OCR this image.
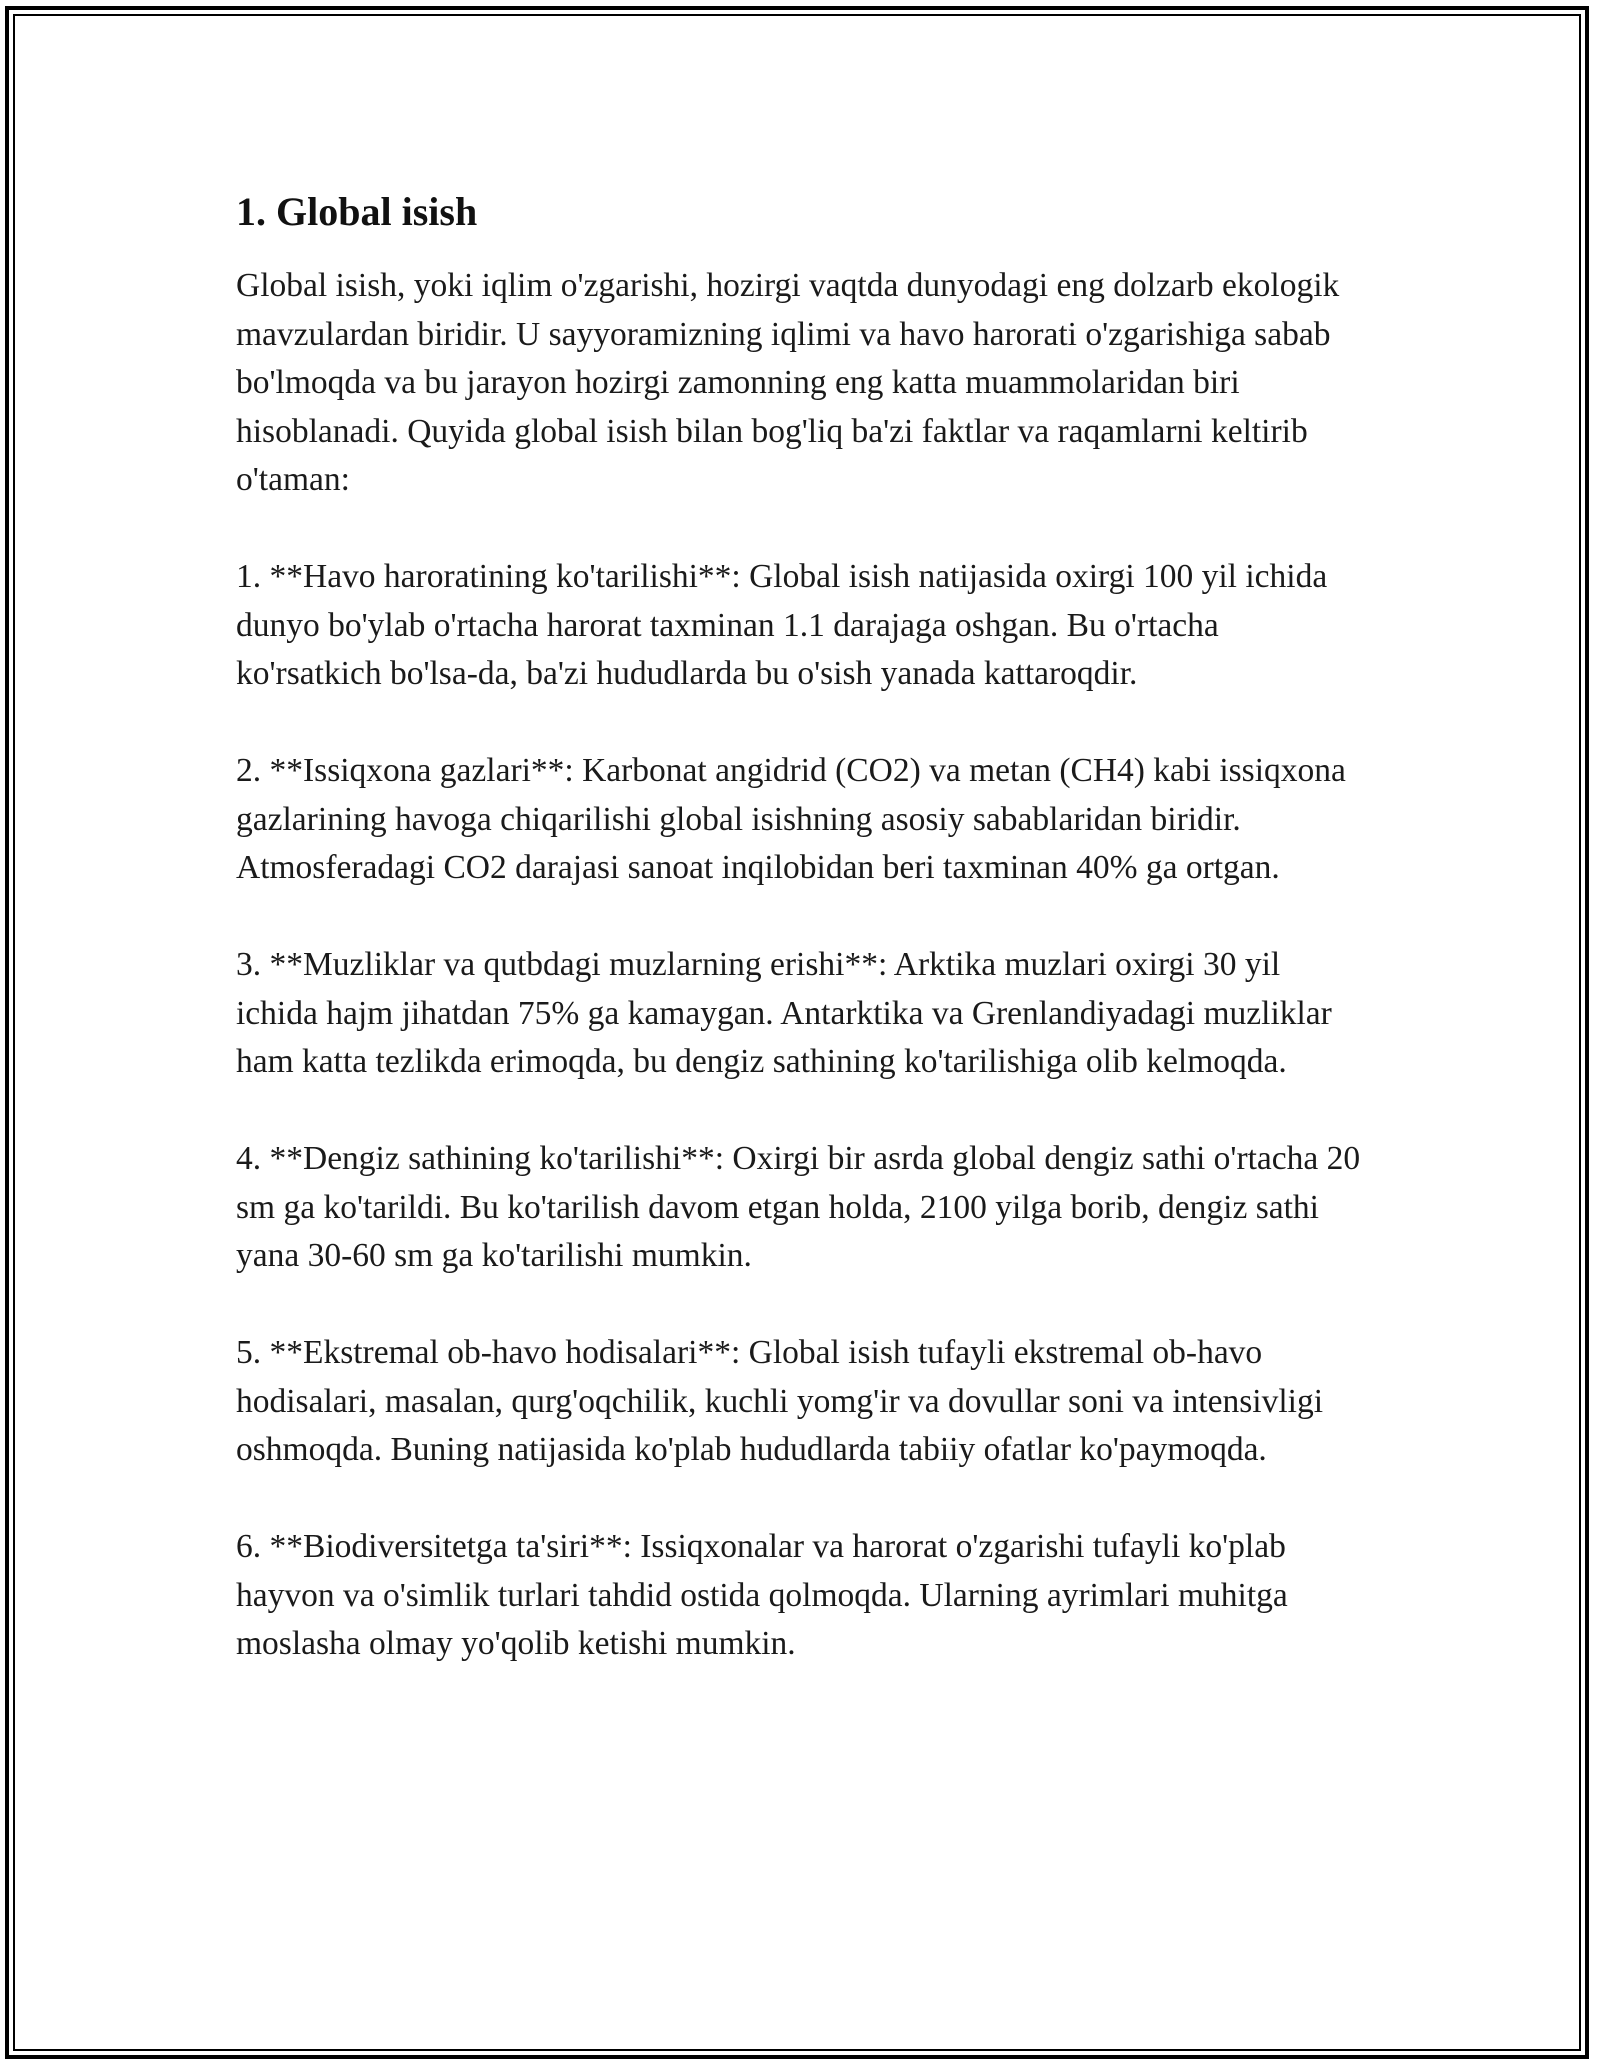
1. Global isish

Global isish, yoki iqlim o'zgarishi, hozirgi vaqtda dunyodagi eng dolzarb ekologik mavzulardan biridir. U sayyoramizning iqlimi va havo harorati o'zgarishiga sabab bo'lmoqda va bu jarayon hozirgi zamonning eng katta muammolaridan biri hisoblanadi. Quyida global isish bilan bog'liq ba'zi faktlar va raqamlarni keltirib o'taman:

1. **Havo haroratining ko'tarilishi**: Global isish natijasida oxirgi 100 yil ichida dunyo bo'ylab o'rtacha harorat taxminan 1.1 darajaga oshgan. Bu o'rtacha ko'rsatkich bo'lsa-da, ba'zi hududlarda bu o'sish yanada kattaroqdir.

2. **Issiqxona gazlari**: Karbonat angidrid (CO2) va metan (CH4) kabi issiqxona gazlarining havoga chiqarilishi global isishning asosiy sabablaridan biridir. Atmosferadagi CO2 darajasi sanoat inqilobidan beri taxminan 40% ga ortgan.

3. **Muzliklar va qutbdagi muzlarning erishi**: Arktika muzlari oxirgi 30 yil ichida hajm jihatdan 75% ga kamaygan. Antarktika va Grenlandiyadagi muzliklar ham katta tezlikda erimoqda, bu dengiz sathining ko'tarilishiga olib kelmoqda.

4. **Dengiz sathining ko'tarilishi**: Oxirgi bir asrda global dengiz sathi o'rtacha 20 sm ga ko'tarildi. Bu ko'tarilish davom etgan holda, 2100 yilga borib, dengiz sathi yana 30-60 sm ga ko'tarilishi mumkin.

5. **Ekstremal ob-havo hodisalari**: Global isish tufayli ekstremal ob-havo hodisalari, masalan, qurg'oqchilik, kuchli yomg'ir va dovullar soni va intensivligi oshmoqda. Buning natijasida ko'plab hududlarda tabiiy ofatlar ko'paymoqda.

6. **Biodiversitetga ta'siri**: Issiqxonalar va harorat o'zgarishi tufayli ko'plab hayvon va o'simlik turlari tahdid ostida qolmoqda. Ularning ayrimlari muhitga moslasha olmay yo'qolib ketishi mumkin.
